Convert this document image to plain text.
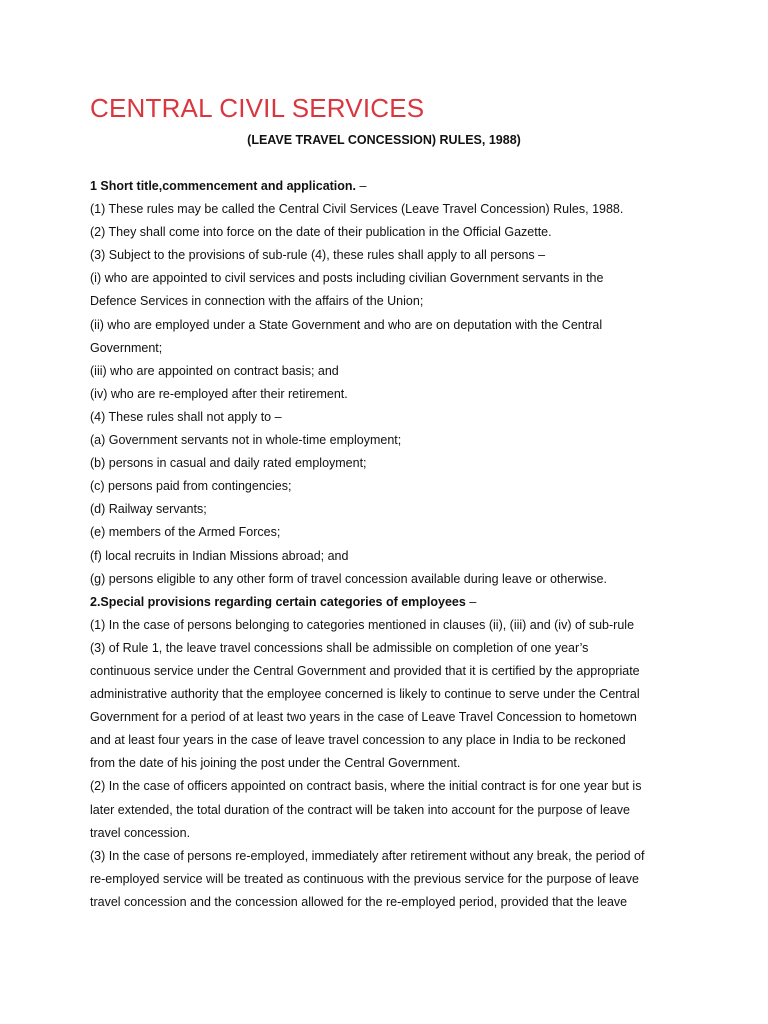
CENTRAL CIVIL SERVICES
(LEAVE TRAVEL CONCESSION) RULES, 1988)
1 Short title,commencement and application. –
(1) These rules may be called the Central Civil Services (Leave Travel Concession) Rules, 1988.
(2) They shall come into force on the date of their publication in the Official Gazette.
(3) Subject to the provisions of sub-rule (4), these rules shall apply to all persons –
(i) who are appointed to civil services and posts including civilian Government servants in the
Defence Services in connection with the affairs of the Union;
(ii) who are employed under a State Government and who are on deputation with the Central
Government;
(iii) who are appointed on contract basis; and
(iv) who are re-employed after their retirement.
(4) These rules shall not apply to –
(a) Government servants not in whole-time employment;
(b) persons in casual and daily rated employment;
(c) persons paid from contingencies;
(d) Railway servants;
(e) members of the Armed Forces;
(f) local recruits in Indian Missions abroad; and
(g) persons eligible to any other form of travel concession available during leave or otherwise.
2.Special provisions regarding certain categories of employees –
(1) In the case of persons belonging to categories mentioned in clauses (ii), (iii) and (iv) of sub-rule
(3) of Rule 1, the leave travel concessions shall be admissible on completion of one year’s
continuous service under the Central Government and provided that it is certified by the appropriate
administrative authority that the employee concerned is likely to continue to serve under the Central
Government for a period of at least two years in the case of Leave Travel Concession to hometown
and at least four years in the case of leave travel concession to any place in India to be reckoned
from the date of his joining the post under the Central Government.
(2) In the case of officers appointed on contract basis, where the initial contract is for one year but is
later extended, the total duration of the contract will be taken into account for the purpose of leave
travel concession.
(3) In the case of persons re-employed, immediately after retirement without any break, the period of
re-employed service will be treated as continuous with the previous service for the purpose of leave
travel concession and the concession allowed for the re-employed period, provided that the leave
